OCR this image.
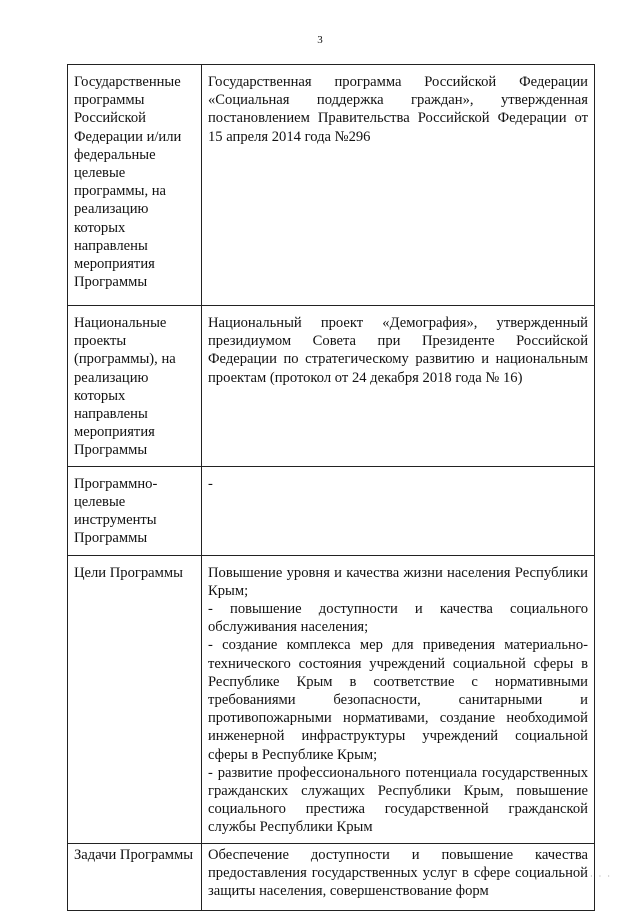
3
Государственные программы Российской Федерации и/или федеральные целевые программы, на реализацию которых направлены мероприятия Программы	Государственная программа Российской Федерации «Социальная поддержка граждан», утвержденная постановлением Правительства Российской Федерации от 15 апреля 2014 года №296

Национальные проекты (программы), на реализацию которых направлены мероприятия Программы	Национальный проект «Демография», утвержденный президиумом Совета при Президенте Российской Федерации по стратегическому развитию и национальным проектам (протокол от 24 декабря 2018 года № 16)

Программно-целевые инструменты Программы	-

Цели Программы	Повышение уровня и качества жизни населения Республики Крым;
- повышение доступности и качества социального обслуживания населения;
- создание комплекса мер для приведения материально-технического состояния учреждений социальной сферы в Республике Крым в соответствие с нормативными требованиями безопасности, санитарными и противопожарными нормативами, создание необходимой инженерной инфраструктуры учреждений социальной сферы в Республике Крым;
- развитие профессионального потенциала государственных гражданских служащих Республики Крым, повышение социального престижа государственной гражданской службы Республики Крым

Задачи Программы	Обеспечение доступности и повышение качества предоставления государственных услуг в сфере социальной защиты населения, совершенствование форм
· · ·
